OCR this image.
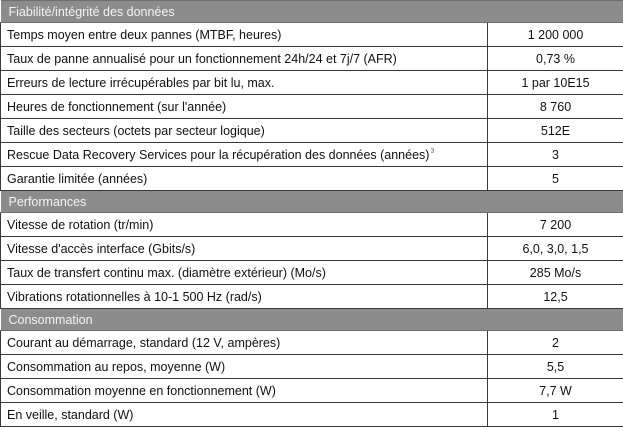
Fiabilité/intégrité des données	
Temps moyen entre deux pannes (MTBF, heures)	1 200 000
Taux de panne annualisé pour un fonctionnement 24h/24 et 7j/7 (AFR)	0,73 %
Erreurs de lecture irrécupérables par bit lu, max.	1 par 10E15
Heures de fonctionnement (sur l'année)	8 760
Taille des secteurs (octets par secteur logique)	512E
Rescue Data Recovery Services pour la récupération des données (années)$^3$	3
Garantie limitée (années)	5
Performances	
Vitesse de rotation (tr/min)	7 200
Vitesse d'accès interface (Gbits/s)	6,0, 3,0, 1,5
Taux de transfert continu max. (diamètre extérieur) (Mo/s)	285 Mo/s
Vibrations rotationnelles à 10-1 500 Hz (rad/s)	12,5
Consommation	
Courant au démarrage, standard (12 V, ampères)	2
Consommation au repos, moyenne (W)	5,5
Consommation moyenne en fonctionnement (W)	7,7 W
En veille, standard (W)	1
